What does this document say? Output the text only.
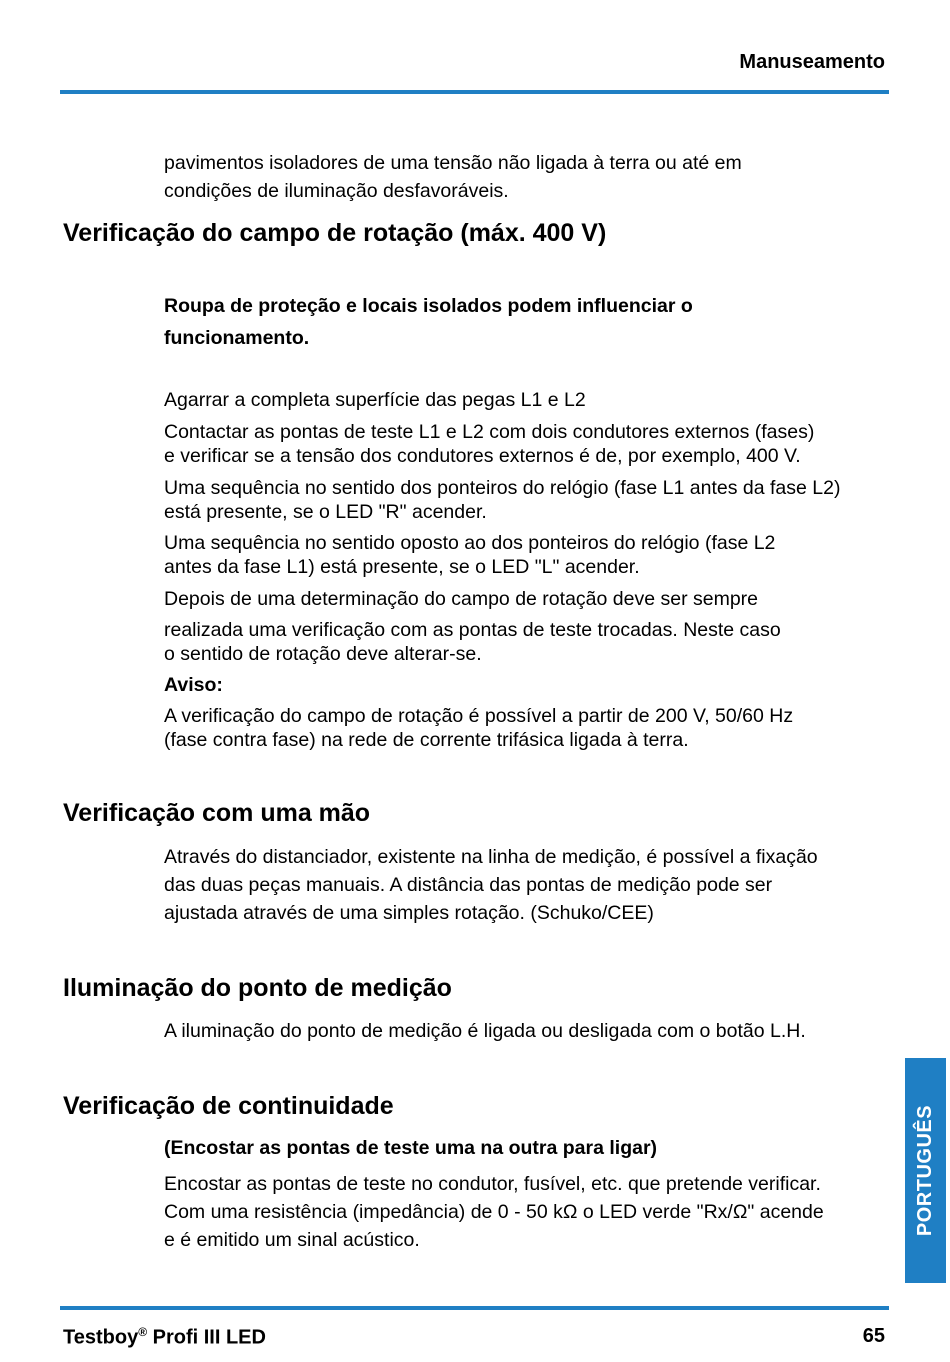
Manuseamento
pavimentos isoladores de uma tensão não ligada à terra ou até em
condições de iluminação desfavoráveis.
Verificação do campo de rotação (máx. 400 V)
Roupa de proteção e locais isolados podem influenciar o
funcionamento.
Agarrar a completa superfície das pegas L1 e L2
Contactar as pontas de teste L1 e L2 com dois condutores externos (fases)
e verificar se a tensão dos condutores externos é de, por exemplo, 400 V.
Uma sequência no sentido dos ponteiros do relógio (fase L1 antes da fase L2)
está presente, se o LED "R" acender.
Uma sequência no sentido oposto ao dos ponteiros do relógio (fase L2
antes da fase L1) está presente, se o LED "L" acender.
Depois de uma determinação do campo de rotação deve ser sempre
realizada uma verificação com as pontas de teste trocadas. Neste caso
o sentido de rotação deve alterar-se.
Aviso:
A verificação do campo de rotação é possível a partir de 200 V, 50/60 Hz
(fase contra fase) na rede de corrente trifásica ligada à terra.
Verificação com uma mão
Através do distanciador, existente na linha de medição, é possível a fixação
das duas peças manuais. A distância das pontas de medição pode ser
ajustada através de uma simples rotação. (Schuko/CEE)
Iluminação do ponto de medição
A iluminação do ponto de medição é ligada ou desligada com o botão L.H.
Verificação de continuidade
(Encostar as pontas de teste uma na outra para ligar)
Encostar as pontas de teste no condutor, fusível, etc. que pretende verificar.
Com uma resistência (impedância) de 0 - 50 kΩ o LED verde "Rx/Ω" acende
e é emitido um sinal acústico.
PORTUGUÊS
Testboy® Profi III LED	65
